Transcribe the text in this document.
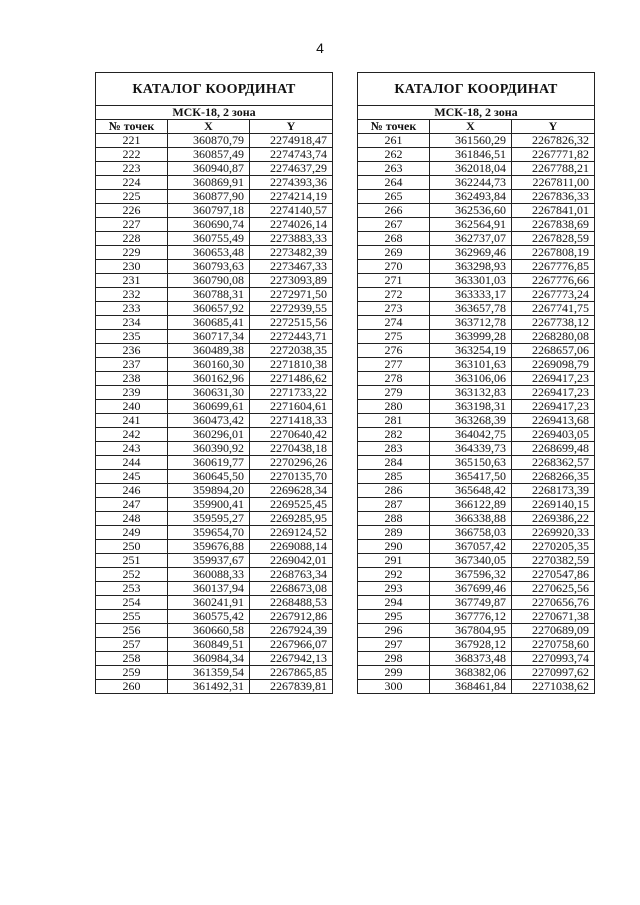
4
КАТАЛОГ КООРДИНАТ		
МСК-18, 2 зона		
№ точек	X	Y
221	360870,79	2274918,47
222	360857,49	2274743,74
223	360940,87	2274637,29
224	360869,91	2274393,36
225	360877,90	2274214,19
226	360797,18	2274140,57
227	360690,74	2274026,14
228	360755,49	2273883,33
229	360653,48	2273482,39
230	360793,63	2273467,33
231	360790,08	2273093,89
232	360788,31	2272971,50
233	360657,92	2272939,55
234	360685,41	2272515,56
235	360717,34	2272443,71
236	360489,38	2272038,35
237	360160,30	2271810,38
238	360162,96	2271486,62
239	360631,30	2271733,22
240	360699,61	2271604,61
241	360473,42	2271418,33
242	360296,01	2270640,42
243	360390,92	2270438,18
244	360619,77	2270296,26
245	360645,50	2270135,70
246	359894,20	2269628,34
247	359900,41	2269525,45
248	359595,27	2269285,95
249	359654,70	2269124,52
250	359676,88	2269088,14
251	359937,67	2269042,01
252	360088,33	2268763,34
253	360137,94	2268673,08
254	360241,91	2268488,53
255	360575,42	2267912,86
256	360660,58	2267924,39
257	360849,51	2267966,07
258	360984,34	2267942,13
259	361359,54	2267865,85
260	361492,31	2267839,81
КАТАЛОГ КООРДИНАТ		
МСК-18, 2 зона		
№ точек	X	Y
261	361560,29	2267826,32
262	361846,51	2267771,82
263	362018,04	2267788,21
264	362244,73	2267811,00
265	362493,84	2267836,33
266	362536,60	2267841,01
267	362564,91	2267838,69
268	362737,07	2267828,59
269	362969,46	2267808,19
270	363298,93	2267776,85
271	363301,03	2267776,66
272	363333,17	2267773,24
273	363657,78	2267741,75
274	363712,78	2267738,12
275	363999,28	2268280,08
276	363254,19	2268657,06
277	363101,63	2269098,79
278	363106,06	2269417,23
279	363132,83	2269417,23
280	363198,31	2269417,23
281	363268,39	2269413,68
282	364042,75	2269403,05
283	364339,73	2268699,48
284	365150,63	2268362,57
285	365417,50	2268266,35
286	365648,42	2268173,39
287	366122,89	2269140,15
288	366338,88	2269386,22
289	366758,03	2269920,33
290	367057,42	2270205,35
291	367340,05	2270382,59
292	367596,32	2270547,86
293	367699,46	2270625,56
294	367749,87	2270656,76
295	367776,12	2270671,38
296	367804,95	2270689,09
297	367928,12	2270758,60
298	368373,48	2270993,74
299	368382,06	2270997,62
300	368461,84	2271038,62
